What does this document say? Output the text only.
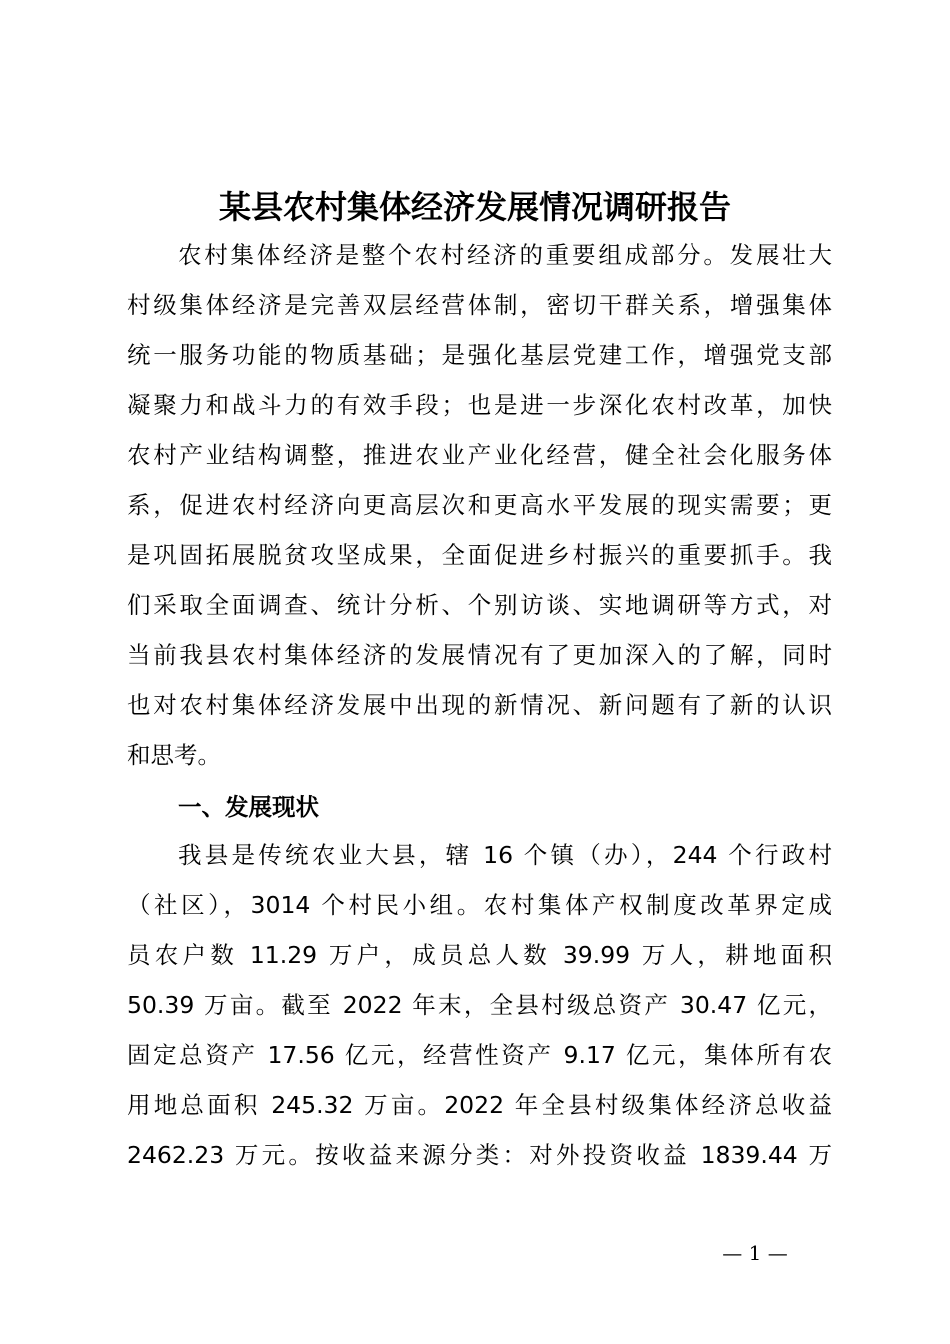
某县农村集体经济发展情况调研报告

农村集体经济是整个农村经济的重要组成部分。发展壮大

村级集体经济是完善双层经营体制，密切干群关系，增强集体

统一服务功能的物质基础；是强化基层党建工作，增强党支部

凝聚力和战斗力的有效手段；也是进一步深化农村改革，加快

农村产业结构调整，推进农业产业化经营，健全社会化服务体

系，促进农村经济向更高层次和更高水平发展的现实需要；更

是巩固拓展脱贫攻坚成果，全面促进乡村振兴的重要抓手。我

们采取全面调查、统计分析、个别访谈、实地调研等方式，对

当前我县农村集体经济的发展情况有了更加深入的了解，同时

也对农村集体经济发展中出现的新情况、新问题有了新的认识

和思考。

一、发展现状

我县是传统农业大县，辖 16 个镇（办），244 个行政村

（社区），3014 个村民小组。农村集体产权制度改革界定成

员农户数 11.29 万户，成员总人数 39.99 万人，耕地面积

50.39 万亩。截至 2022 年末，全县村级总资产 30.47 亿元，

固定总资产 17.56 亿元，经营性资产 9.17 亿元，集体所有农

用地总面积 245.32 万亩。2022 年全县村级集体经济总收益

2462.23 万元。按收益来源分类：对外投资收益 1839.44 万

— 1 —
